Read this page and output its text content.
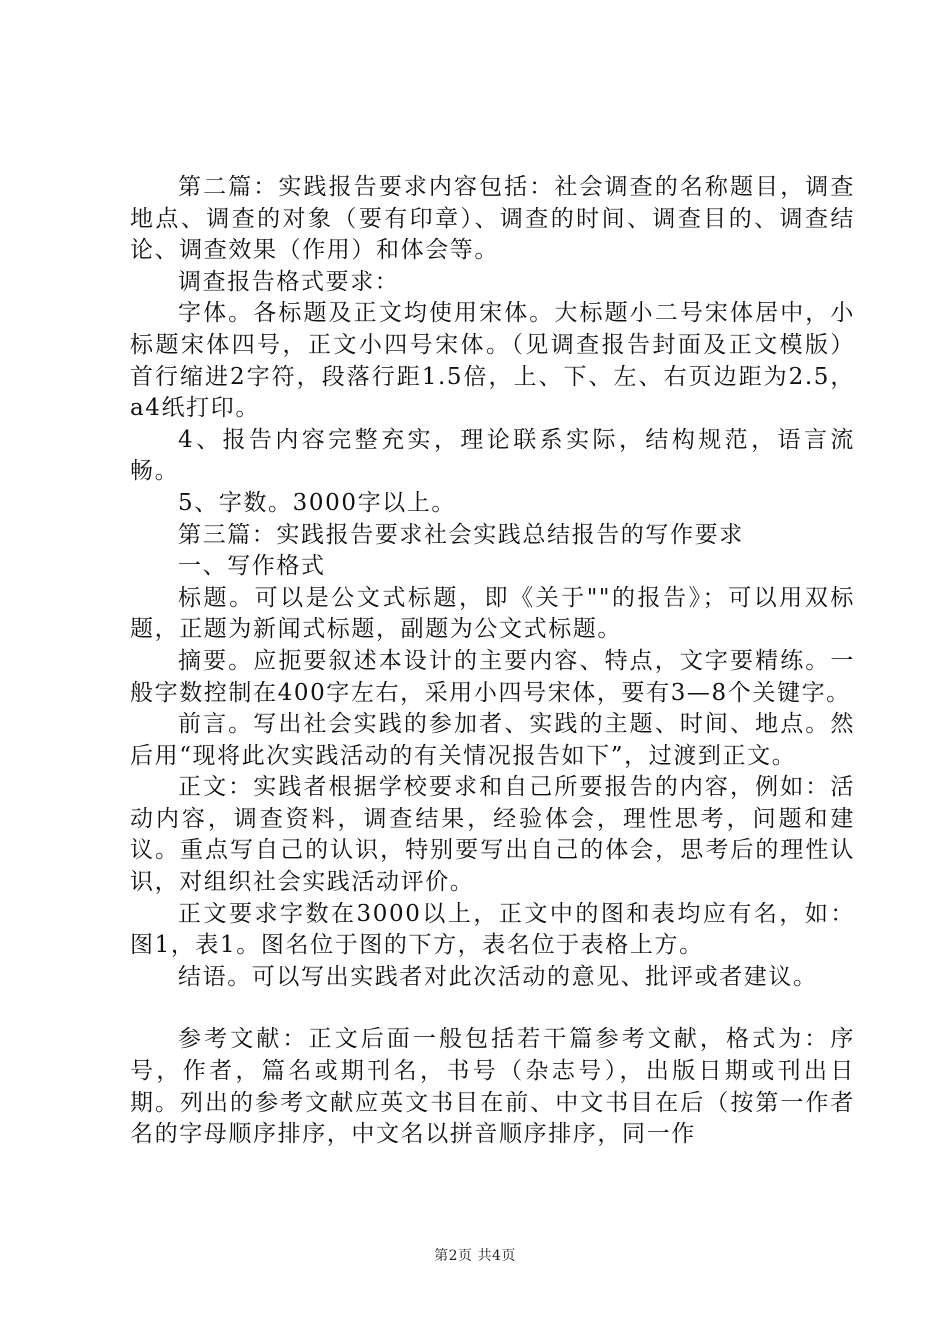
第二篇：实践报告要求内容包括：社会调查的名称题目，调查地点、调查的对象（要有印章）、调查的时间、调查目的、调查结论、调查效果（作用）和体会等。

调查报告格式要求：

字体。各标题及正文均使用宋体。大标题小二号宋体居中，小标题宋体四号，正文小四号宋体。（见调查报告封面及正文模版）首行缩进2字符，段落行距1.5倍，上、下、左、右页边距为2.5，a4纸打印。

4、报告内容完整充实，理论联系实际，结构规范，语言流畅。

5、字数。3000字以上。

第三篇：实践报告要求社会实践总结报告的写作要求

一、写作格式

标题。可以是公文式标题，即《关于""的报告》；可以用双标题，正题为新闻式标题，副题为公文式标题。

摘要。应扼要叙述本设计的主要内容、特点，文字要精练。一般字数控制在400字左右，采用小四号宋体，要有3—8个关键字。

前言。写出社会实践的参加者、实践的主题、时间、地点。然后用“现将此次实践活动的有关情况报告如下”，过渡到正文。

正文：实践者根据学校要求和自己所要报告的内容，例如：活动内容，调查资料，调查结果，经验体会，理性思考，问题和建议。重点写自己的认识，特别要写出自己的体会，思考后的理性认识，对组织社会实践活动评价。

正文要求字数在3000以上，正文中的图和表均应有名，如：图1，表1。图名位于图的下方，表名位于表格上方。

结语。可以写出实践者对此次活动的意见、批评或者建议。

参考文献：正文后面一般包括若干篇参考文献，格式为：序号，作者，篇名或期刊名，书号（杂志号），出版日期或刊出日期。列出的参考文献应英文书目在前、中文书目在后（按第一作者名的字母顺序排序，中文名以拼音顺序排序，同一作

第2页 共4页
